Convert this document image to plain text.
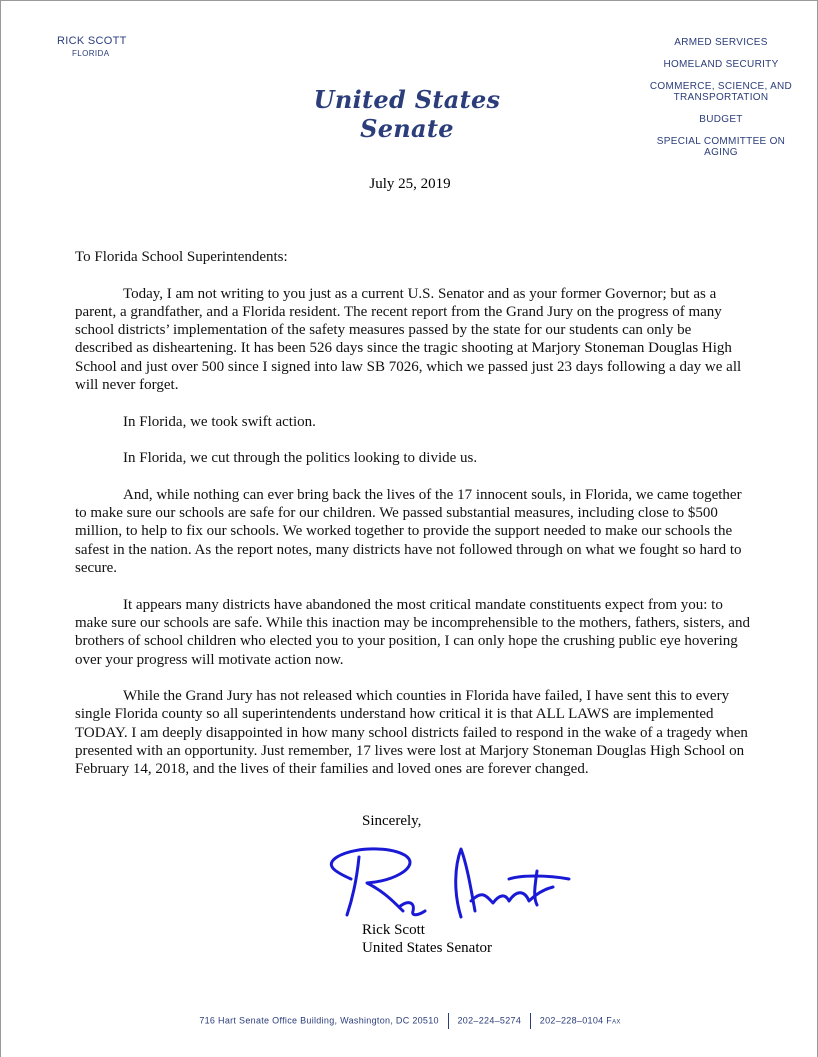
RICK SCOTT
FLORIDA
United States Senate
ARMED SERVICES
HOMELAND SECURITY
COMMERCE, SCIENCE, AND TRANSPORTATION
BUDGET
SPECIAL COMMITTEE ON AGING
July 25, 2019

To Florida School Superintendents:

Today, I am not writing to you just as a current U.S. Senator and as your former Governor; but as a parent, a grandfather, and a Florida resident. The recent report from the Grand Jury on the progress of many school districts’ implementation of the safety measures passed by the state for our students can only be described as disheartening. It has been 526 days since the tragic shooting at Marjory Stoneman Douglas High School and just over 500 since I signed into law SB 7026, which we passed just 23 days following a day we all will never forget.

In Florida, we took swift action.

In Florida, we cut through the politics looking to divide us.

And, while nothing can ever bring back the lives of the 17 innocent souls, in Florida, we came together to make sure our schools are safe for our children. We passed substantial measures, including close to $500 million, to help to fix our schools. We worked together to provide the support needed to make our schools the safest in the nation. As the report notes, many districts have not followed through on what we fought so hard to secure.

It appears many districts have abandoned the most critical mandate constituents expect from you: to make sure our schools are safe. While this inaction may be incomprehensible to the mothers, fathers, sisters, and brothers of school children who elected you to your position, I can only hope the crushing public eye hovering over your progress will motivate action now.

While the Grand Jury has not released which counties in Florida have failed, I have sent this to every single Florida county so all superintendents understand how critical it is that ALL LAWS are implemented TODAY. I am deeply disappointed in how many school districts failed to respond in the wake of a tragedy when presented with an opportunity. Just remember, 17 lives were lost at Marjory Stoneman Douglas High School on February 14, 2018, and the lives of their families and loved ones are forever changed.

Sincerely,
Rick Scott
United States Senator
716 Hart Senate Office Building, Washington, DC 20510 202–224–5274 202–228–0104 Fax
